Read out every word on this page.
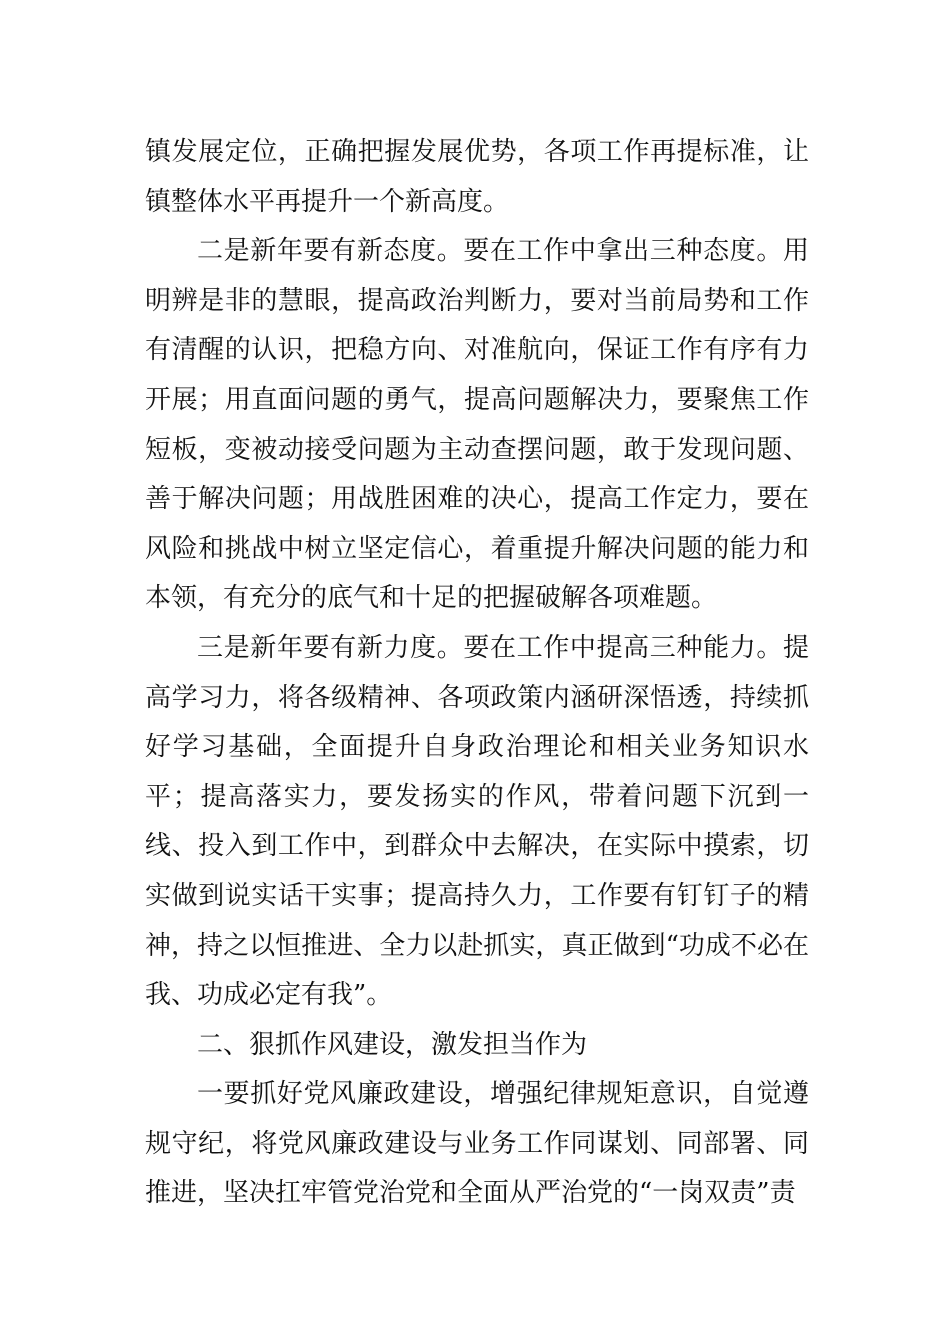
镇发展定位，正确把握发展优势，各项工作再提标准，让镇整体水平再提升一个新高度。

二是新年要有新态度。要在工作中拿出三种态度。用明辨是非的慧眼，提高政治判断力，要对当前局势和工作有清醒的认识，把稳方向、对准航向，保证工作有序有力开展；用直面问题的勇气，提高问题解决力，要聚焦工作短板，变被动接受问题为主动查摆问题，敢于发现问题、善于解决问题；用战胜困难的决心，提高工作定力，要在风险和挑战中树立坚定信心，着重提升解决问题的能力和本领，有充分的底气和十足的把握破解各项难题。

三是新年要有新力度。要在工作中提高三种能力。提高学习力，将各级精神、各项政策内涵研深悟透，持续抓好学习基础，全面提升自身政治理论和相关业务知识水平；提高落实力，要发扬实的作风，带着问题下沉到一线、投入到工作中，到群众中去解决，在实际中摸索，切实做到说实话干实事；提高持久力，工作要有钉钉子的精神，持之以恒推进、全力以赴抓实，真正做到“功成不必在我、功成必定有我”。

二、狠抓作风建设，激发担当作为

一要抓好党风廉政建设，增强纪律规矩意识，自觉遵规守纪，将党风廉政建设与业务工作同谋划、同部署、同推进，坚决扛牢管党治党和全面从严治党的“一岗双责”责
